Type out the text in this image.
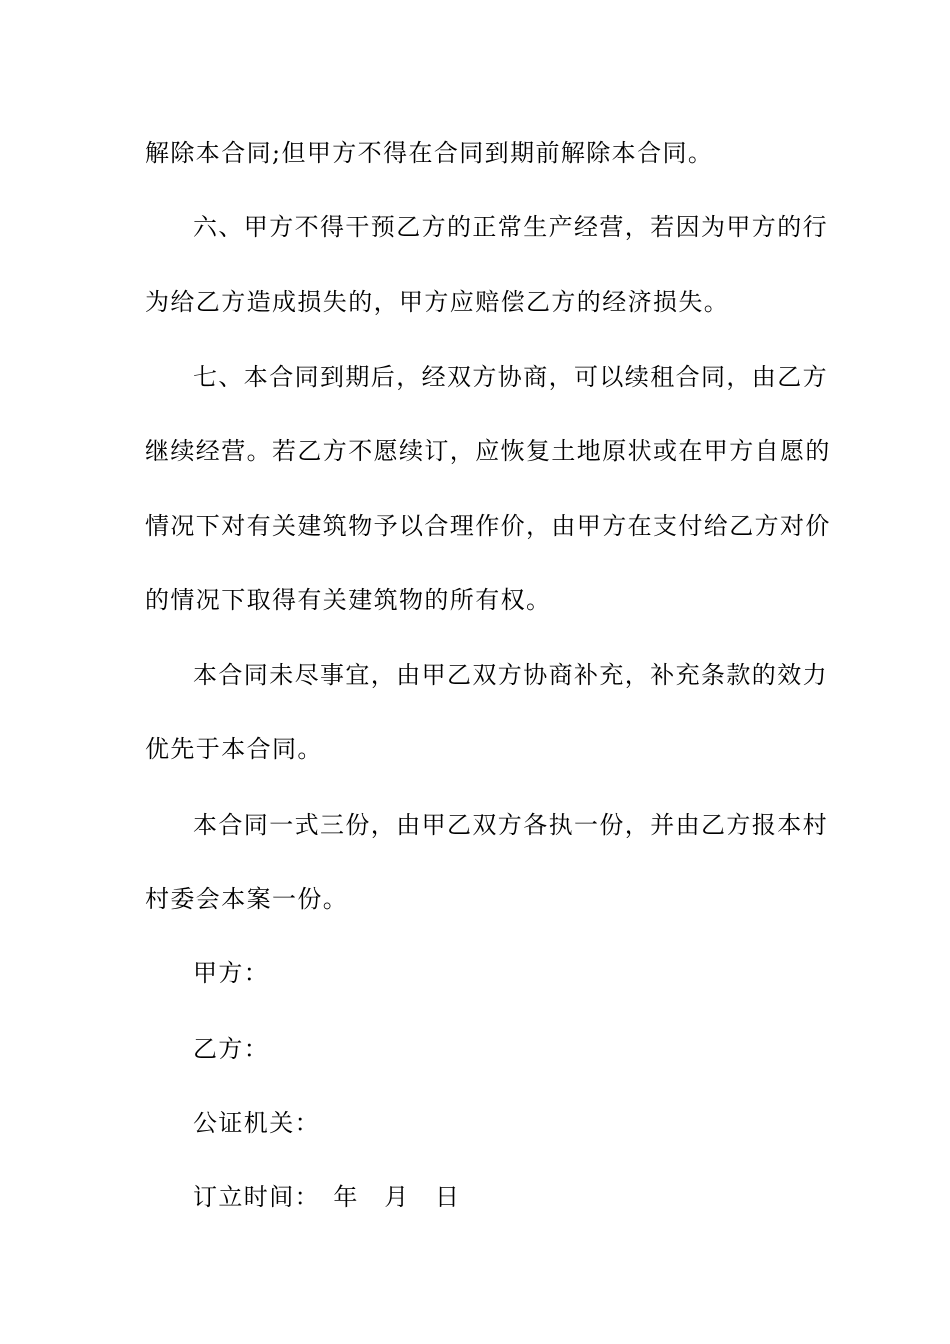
解除本合同;但甲方不得在合同到期前解除本合同。
六、甲方不得干预乙方的正常生产经营，若因为甲方的行
为给乙方造成损失的，甲方应赔偿乙方的经济损失。
七、本合同到期后，经双方协商，可以续租合同，由乙方
继续经营。若乙方不愿续订，应恢复土地原状或在甲方自愿的
情况下对有关建筑物予以合理作价，由甲方在支付给乙方对价
的情况下取得有关建筑物的所有权。
本合同未尽事宜，由甲乙双方协商补充，补充条款的效力
优先于本合同。
本合同一式三份，由甲乙双方各执一份，并由乙方报本村
村委会本案一份。
甲方：
乙方：
公证机关：
订立时间：　年　月　日
